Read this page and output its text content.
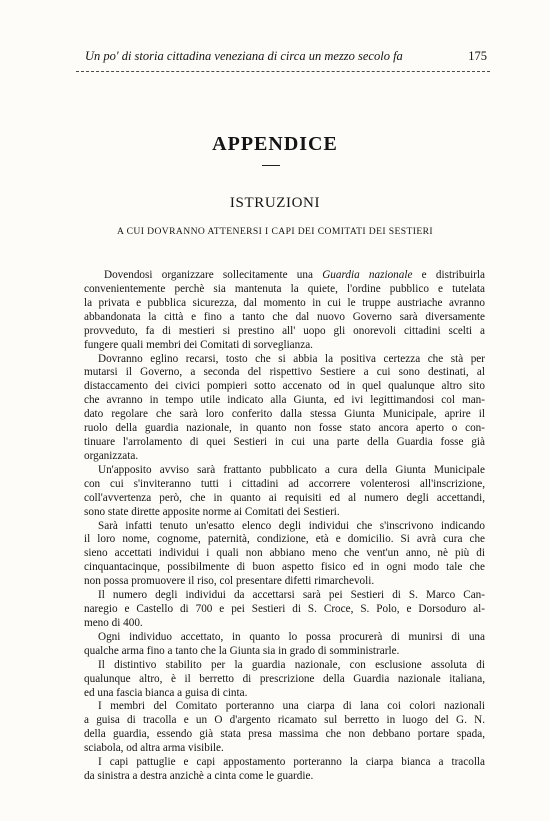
Un po' di storia cittadina veneziana di circa un mezzo secolo fa	175
APPENDICE
ISTRUZIONI
A CUI DOVRANNO ATTENERSI I CAPI DEI COMITATI DEI SESTIERI
Dovendosi organizzare sollecitamente una Guardia nazionale e distribuirla
convenientemente perchè sia mantenuta la quiete, l'ordine pubblico e tutelata
la privata e pubblica sicurezza, dal momento in cui le truppe austriache avranno
abbandonata la città e fino a tanto che dal nuovo Governo sarà diversamente
provveduto, fa di mestieri si prestino all' uopo gli onorevoli cittadini scelti a
fungere quali membri dei Comitati di sorveglianza.
Dovranno eglino recarsi, tosto che si abbia la positiva certezza che stà per
mutarsi il Governo, a seconda del rispettivo Sestiere a cui sono destinati, al
distaccamento dei civici pompieri sotto accenato od in quel qualunque altro sito
che avranno in tempo utile indicato alla Giunta, ed ivi legittimandosi col man-
dato regolare che sarà loro conferito dalla stessa Giunta Municipale, aprire il
ruolo della guardia nazionale, in quanto non fosse stato ancora aperto o con-
tinuare l'arrolamento di quei Sestieri in cui una parte della Guardia fosse già
organizzata.
Un'apposito avviso sarà frattanto pubblicato a cura della Giunta Municipale
con cui s'inviteranno tutti i cittadini ad accorrere volenterosi all'inscrizione,
coll'avvertenza però, che in quanto ai requisiti ed al numero degli accettandi,
sono state dirette apposite norme ai Comitati dei Sestieri.
Sarà infatti tenuto un'esatto elenco degli individui che s'inscrivono indicando
il loro nome, cognome, paternità, condizione, età e domicilio. Si avrà cura che
sieno accettati individui i quali non abbiano meno che vent'un anno, nè più di
cinquantacinque, possibilmente di buon aspetto fisico ed in ogni modo tale che
non possa promuovere il riso, col presentare difetti rimarchevoli.
Il numero degli individui da accettarsi sarà pei Sestieri di S. Marco Can-
naregio e Castello di 700 e pei Sestieri di S. Croce, S. Polo, e Dorsoduro al-
meno di 400.
Ogni individuo accettato, in quanto lo possa procurerà di munirsi di una
qualche arma fino a tanto che la Giunta sia in grado di somministrarle.
Il distintivo stabilito per la guardia nazionale, con esclusione assoluta di
qualunque altro, è il berretto di prescrizione della Guardia nazionale italiana,
ed una fascia bianca a guisa di cinta.
I membri del Comitato porteranno una ciarpa di lana coi colori nazionali
a guisa di tracolla e un O d'argento ricamato sul berretto in luogo del G. N.
della guardia, essendo già stata presa massima che non debbano portare spada,
sciabola, od altra arma visibile.
I capi pattuglie e capi appostamento porteranno la ciarpa bianca a tracolla
da sinistra a destra anzichè a cinta come le guardie.
